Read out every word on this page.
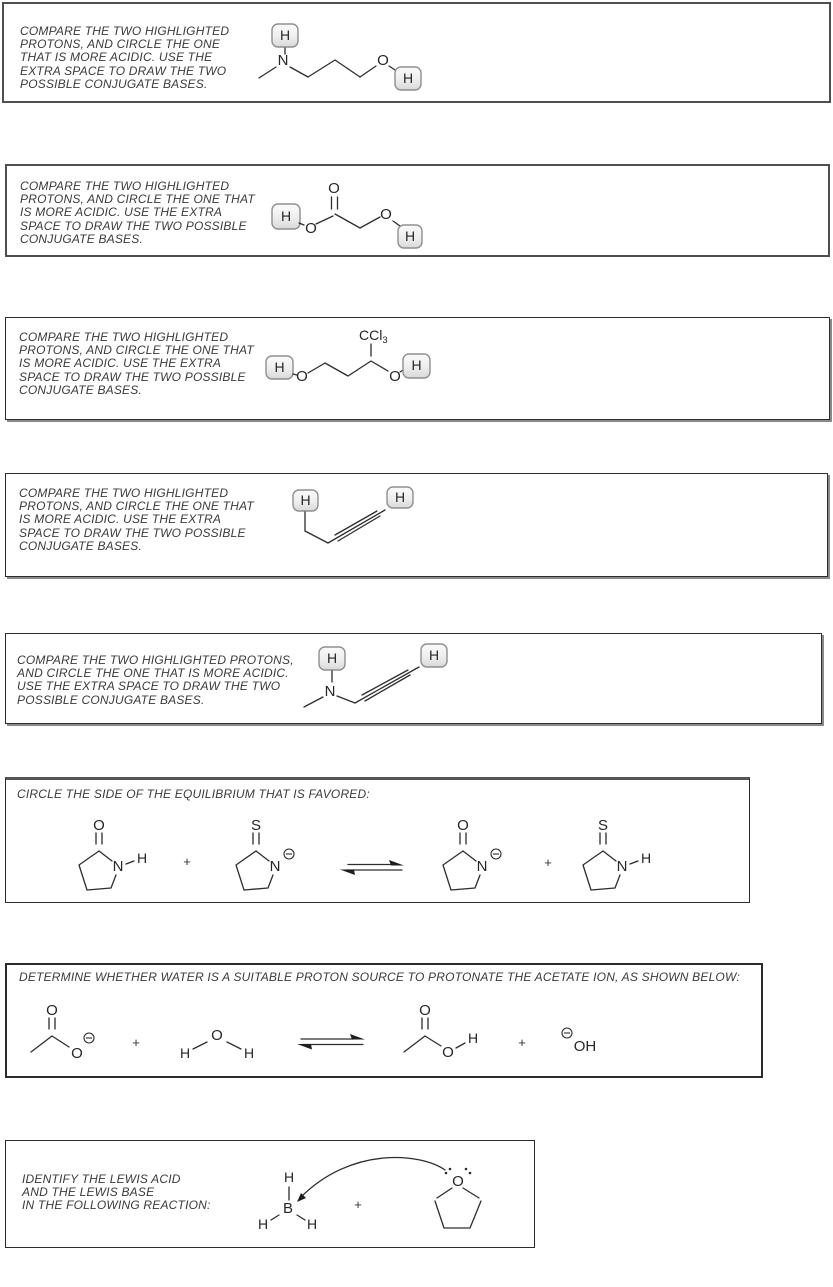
COMPARE THE TWO HIGHLIGHTED
PROTONS, AND CIRCLE THE ONE
THAT IS MORE ACIDIC. USE THE
EXTRA SPACE TO DRAW THE TWO
POSSIBLE CONJUGATE BASES.
H
N	O
H
COMPARE THE TWO HIGHLIGHTED
PROTONS, AND CIRCLE THE ONE THAT
IS MORE ACIDIC. USE THE EXTRA
SPACE TO DRAW THE TWO POSSIBLE
CONJUGATE BASES.
O
H
O
O
H
COMPARE THE TWO HIGHLIGHTED
PROTONS, AND CIRCLE THE ONE THAT
IS MORE ACIDIC. USE THE EXTRA
SPACE TO DRAW THE TWO POSSIBLE
CONJUGATE BASES.
CCl$_3$
H
O	O
H
COMPARE THE TWO HIGHLIGHTED
PROTONS, AND CIRCLE THE ONE THAT
IS MORE ACIDIC. USE THE EXTRA
SPACE TO DRAW THE TWO POSSIBLE
CONJUGATE BASES.
H	H
COMPARE THE TWO HIGHLIGHTED PROTONS,
AND CIRCLE THE ONE THAT IS MORE ACIDIC.
USE THE EXTRA SPACE TO DRAW THE TWO
POSSIBLE CONJUGATE BASES.
H
N
H
CIRCLE THE SIDE OF THE EQUILIBRIUM THAT IS FAVORED:
O
N H	+
S
N
O
N	+
S
N H
DETERMINE WHETHER WATER IS A SUITABLE PROTON SOURCE TO PROTONATE THE ACETATE ION, AS SHOWN BELOW:
O
O
+
H
O
H
O
O
H	+	OH
IDENTIFY THE LEWIS ACID
AND THE LEWIS BASE
IN THE FOLLOWING REACTION:
H
B
H	H
+
O
